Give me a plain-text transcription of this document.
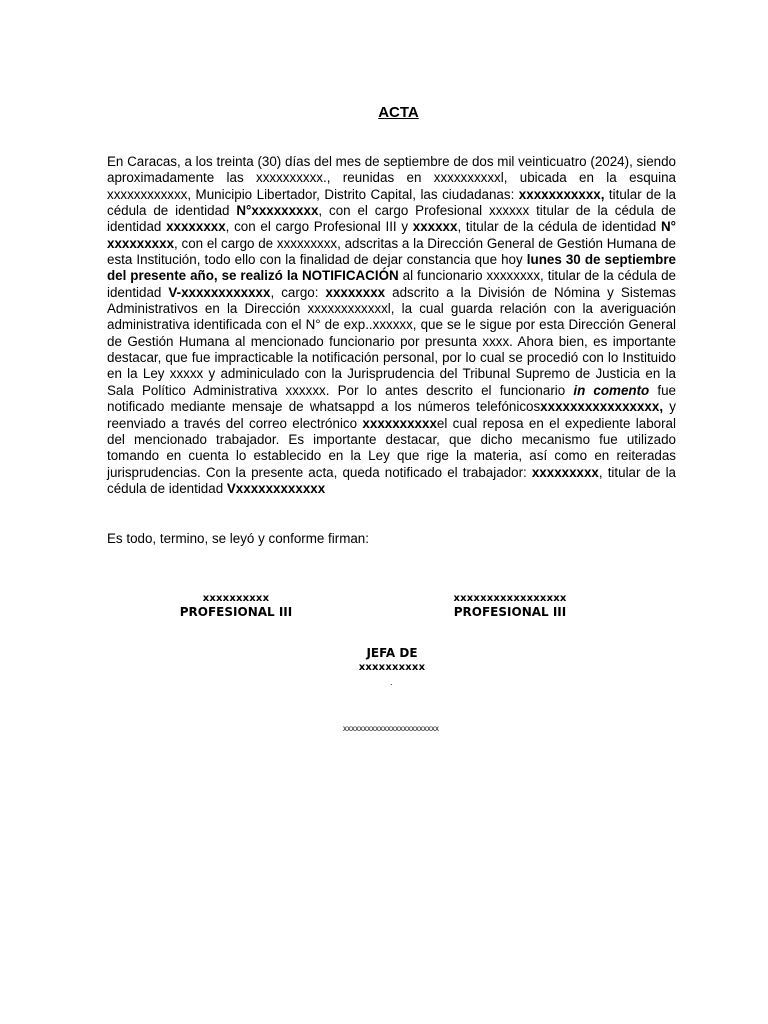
ACTA

En Caracas, a los treinta (30) días del mes de septiembre de dos mil veinticuatro (2024), siendo aproximadamente las xxxxxxxxxx., reunidas en xxxxxxxxxxl, ubicada en la esquina xxxxxxxxxxxx, Municipio Libertador, Distrito Capital, las ciudadanas: xxxxxxxxxxx, titular de la cédula de identidad N°xxxxxxxxx, con el cargo Profesional xxxxxx titular de la cédula de identidad xxxxxxxx, con el cargo Profesional III y xxxxxx, titular de la cédula de identidad N° xxxxxxxxx, con el cargo de xxxxxxxxx, adscritas a la Dirección General de Gestión Humana de esta Institución, todo ello con la finalidad de dejar constancia que hoy lunes 30 de septiembre del presente año, se realizó la NOTIFICACIÓN al funcionario xxxxxxxx, titular de la cédula de identidad V-xxxxxxxxxxxx, cargo: xxxxxxxx adscrito a la División de Nómina y Sistemas Administrativos en la Dirección xxxxxxxxxxxxl, la cual guarda relación con la averiguación administrativa identificada con el N° de exp..xxxxxx, que se le sigue por esta Dirección General de Gestión Humana al mencionado funcionario por presunta xxxx. Ahora bien, es importante destacar, que fue impracticable la notificación personal, por lo cual se procedió con lo Instituido en la Ley xxxxx y adminiculado con la Jurisprudencia del Tribunal Supremo de Justicia en la Sala Político Administrativa xxxxxx. Por lo antes descrito el funcionario in comento fue notificado mediante mensaje de whatsappd a los números telefónicosxxxxxxxxxxxxxxxx, y reenviado a través del correo electrónico xxxxxxxxxxel cual reposa en el expediente laboral del mencionado trabajador. Es importante destacar, que dicho mecanismo fue utilizado tomando en cuenta lo establecido en la Ley que rige la materia, así como en reiteradas jurisprudencias. Con la presente acta, queda notificado el trabajador: xxxxxxxxx, titular de la cédula de identidad Vxxxxxxxxxxxx

Es todo, termino, se leyó y conforme firman:
xxxxxxxxxx
PROFESIONAL III
xxxxxxxxxxxxxxxxx
PROFESIONAL III
JEFA DE
xxxxxxxxxx
.
xxxxxxxxxxxxxxxxxxxxxxxx
